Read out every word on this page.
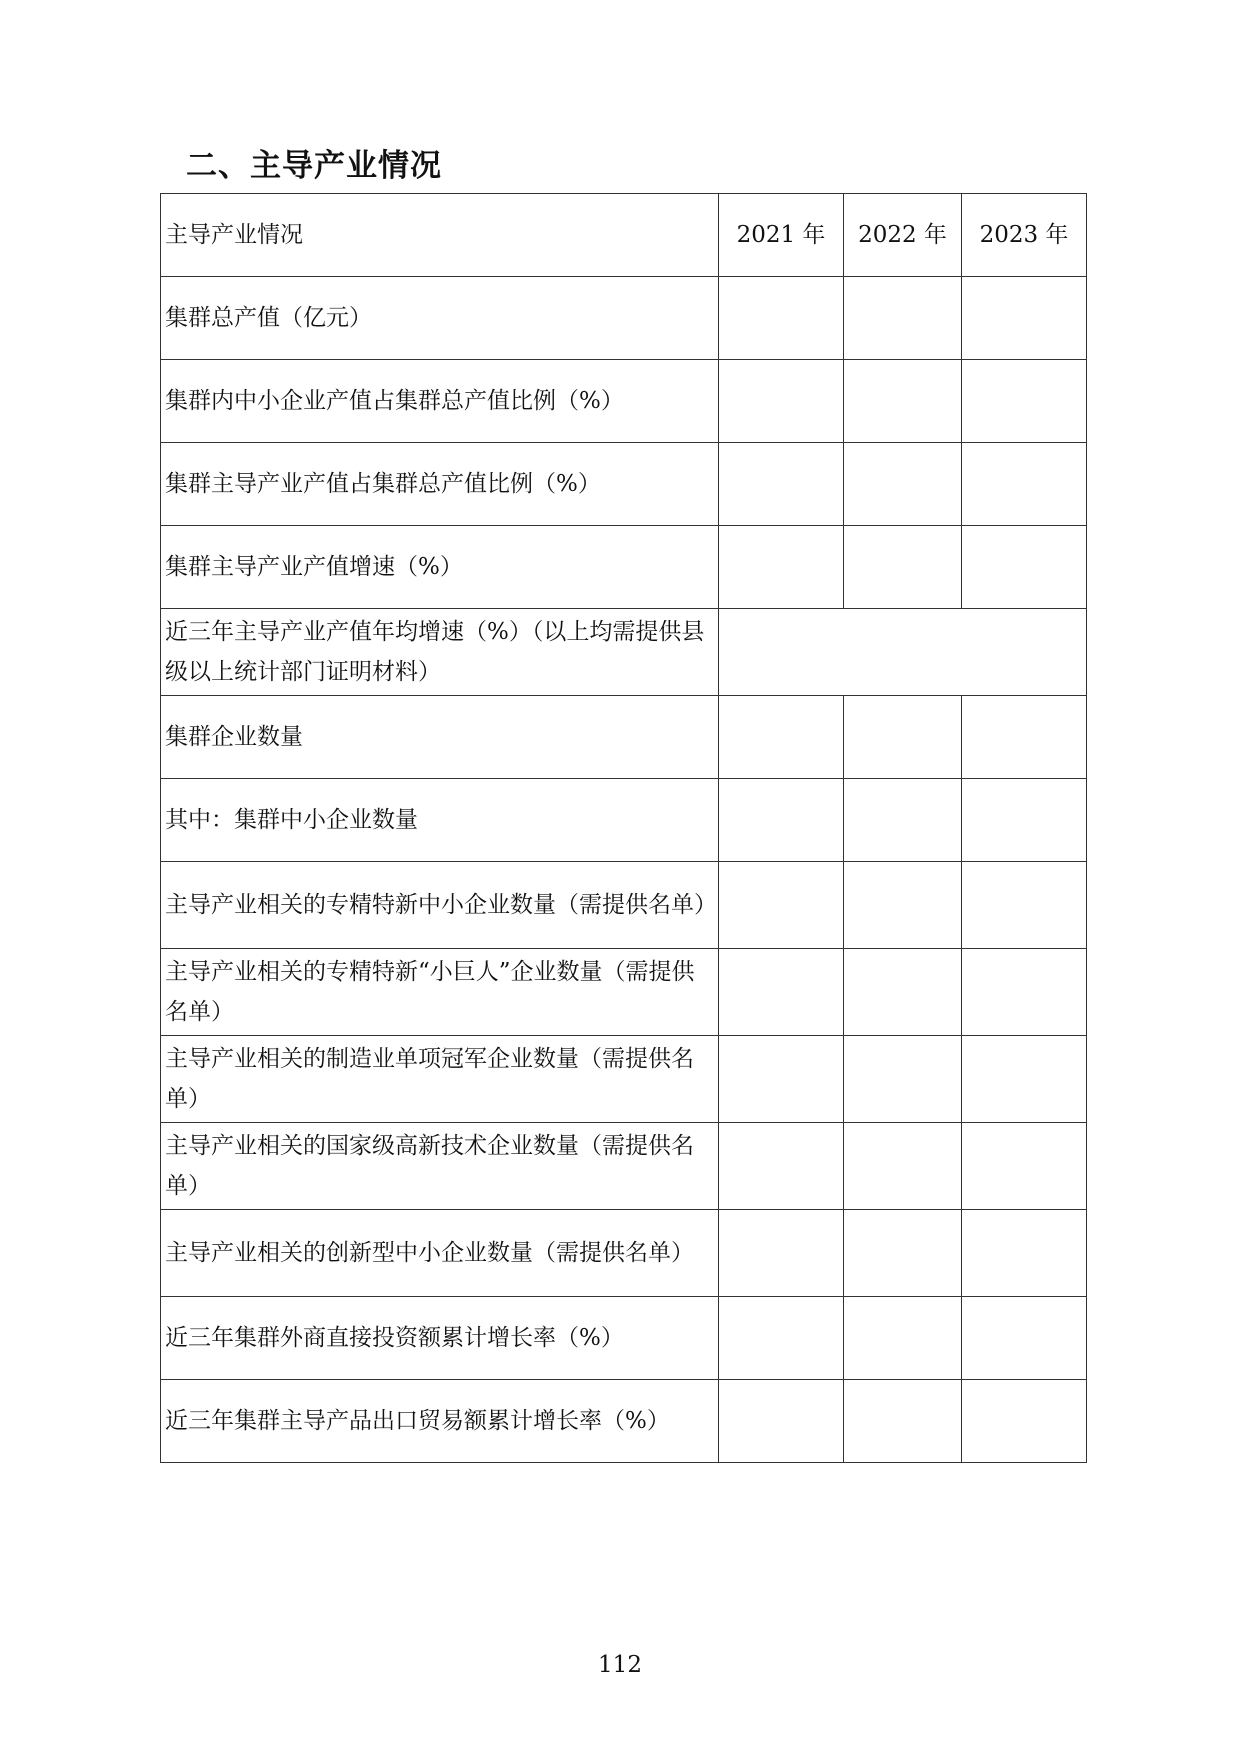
二、主导产业情况
主导产业情况	2021 年	2022 年	2023 年
集群总产值（亿元）			
集群内中小企业产值占集群总产值比例（%）			
集群主导产业产值占集群总产值比例（%）			
集群主导产业产值增速（%）			
近三年主导产业产值年均增速（%）（以上均需提供县级以上统计部门证明材料）			
集群企业数量			
其中：集群中小企业数量			
主导产业相关的专精特新中小企业数量（需提供名单）			
主导产业相关的专精特新“小巨人”企业数量（需提供名单）			
主导产业相关的制造业单项冠军企业数量（需提供名单）			
主导产业相关的国家级高新技术企业数量（需提供名单）			
主导产业相关的创新型中小企业数量（需提供名单）			
近三年集群外商直接投资额累计增长率（%）			
近三年集群主导产品出口贸易额累计增长率（%）			
112
